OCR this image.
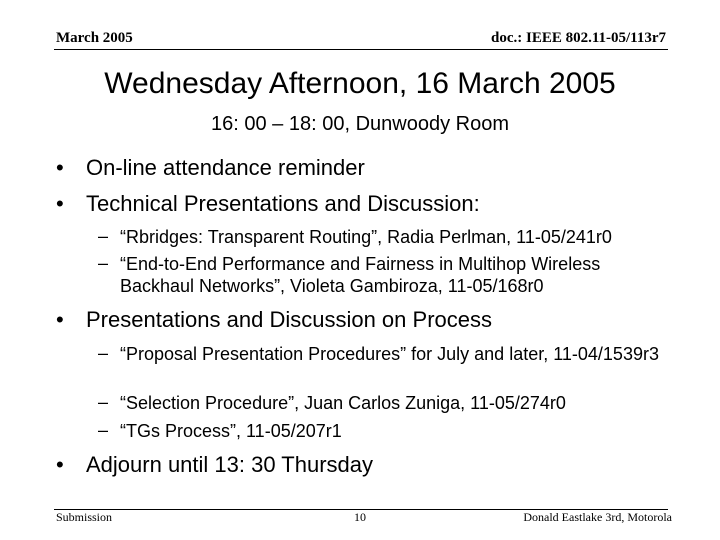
March 2005	doc.: IEEE 802.11-05/113r7
Wednesday Afternoon, 16 March 2005
16: 00 – 18: 00, Dunwoody Room
• On-line attendance reminder
• Technical Presentations and Discussion:
– “Rbridges: Transparent Routing”, Radia Perlman, 11-05/241r0
– “End-to-End Performance and Fairness in Multihop Wireless Backhaul Networks”, Violeta Gambiroza, 11-05/168r0
• Presentations and Discussion on Process
– “Proposal Presentation Procedures” for July and later, 11-04/1539r3
– “Selection Procedure”, Juan Carlos Zuniga, 11-05/274r0
– “TGs Process”, 11-05/207r1
• Adjourn until 13: 30 Thursday
Submission	10	Donald Eastlake 3rd, Motorola
